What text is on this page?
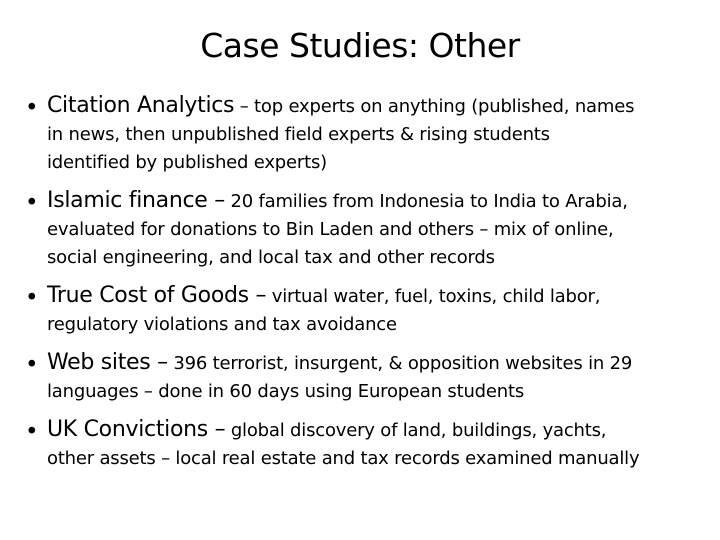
Case Studies: Other
• Citation Analytics – top experts on anything (published, names
in news, then unpublished field experts & rising students
identified by published experts)
• Islamic finance – 20 families from Indonesia to India to Arabia,
evaluated for donations to Bin Laden and others – mix of online,
social engineering, and local tax and other records
• True Cost of Goods – virtual water, fuel, toxins, child labor,
regulatory violations and tax avoidance
• Web sites – 396 terrorist, insurgent, & opposition websites in 29
languages – done in 60 days using European students
• UK Convictions – global discovery of land, buildings, yachts,
other assets – local real estate and tax records examined manually
